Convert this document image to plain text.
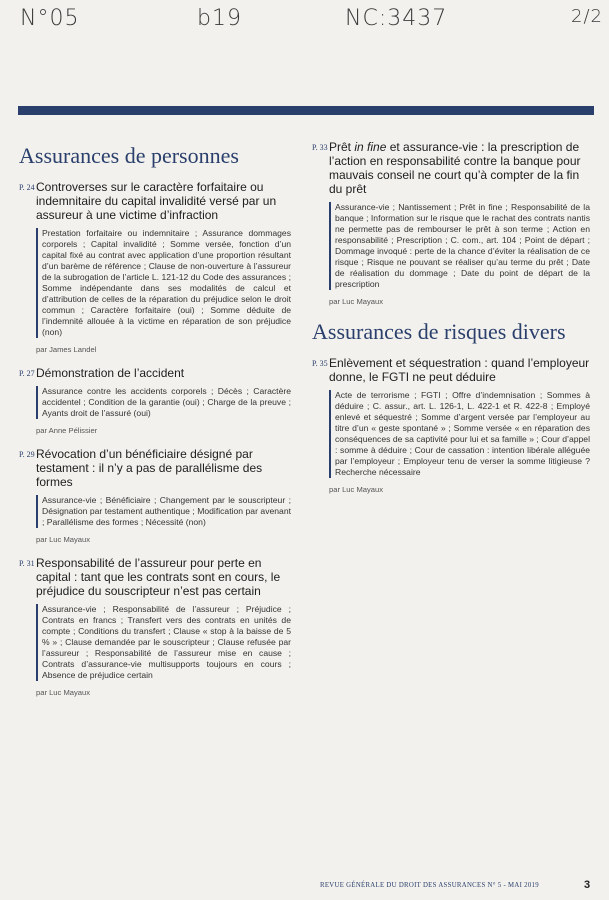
N°05	b19	NC:3437	2/2
Assurances de personnes
P. 24 Controverses sur le caractère forfaitaire ou indemnitaire du capital invalidité versé par un assureur à une victime d’infraction
Prestation forfaitaire ou indemnitaire ; Assurance dommages corporels ; Capital invalidité ; Somme versée, fonction d’un capital fixé au contrat avec application d’une proportion résultant d’un barème de référence ; Clause de non-ouverture à l’assureur de la subrogation de l’article L. 121-12 du Code des assurances ; Somme indépendante dans ses modalités de calcul et d’attribution de celles de la réparation du préjudice selon le droit commun ; Caractère forfaitaire (oui) ; Somme déduite de l’indemnité allouée à la victime en réparation de son préjudice (non)
par James Landel
P. 27 Démonstration de l’accident
Assurance contre les accidents corporels ; Décès ; Caractère accidentel ; Condition de la garantie (oui) ; Charge de la preuve ; Ayants droit de l’assuré (oui)
par Anne Pélissier
P. 29 Révocation d’un bénéficiaire désigné par testament : il n’y a pas de parallélisme des formes
Assurance-vie ; Bénéficiaire ; Changement par le souscripteur ; Désignation par testament authentique ; Modification par avenant ; Parallélisme des formes ; Nécessité (non)
par Luc Mayaux
P. 31 Responsabilité de l’assureur pour perte en capital : tant que les contrats sont en cours, le préjudice du souscripteur n’est pas certain
Assurance-vie ; Responsabilité de l’assureur ; Préjudice ; Contrats en francs ; Transfert vers des contrats en unités de compte ; Conditions du transfert ; Clause « stop à la baisse de 5 % » ; Clause demandée par le souscripteur ; Clause refusée par l’assureur ; Responsabilité de l’assureur mise en cause ; Contrats d’assurance-vie multisupports toujours en cours ; Absence de préjudice certain
par Luc Mayaux
P. 33 Prêt in fine et assurance-vie : la prescription de l’action en responsabilité contre la banque pour mauvais conseil ne court qu’à compter de la fin du prêt
Assurance-vie ; Nantissement ; Prêt in fine ; Responsabilité de la banque ; Information sur le risque que le rachat des contrats nantis ne permette pas de rembourser le prêt à son terme ; Action en responsabilité ; Prescription ; C. com., art. 104 ; Point de départ ; Dommage invoqué : perte de la chance d’éviter la réalisation de ce risque ; Risque ne pouvant se réaliser qu’au terme du prêt ; Date de réalisation du dommage ; Date du point de départ de la prescription
par Luc Mayaux
Assurances de risques divers
P. 35 Enlèvement et séquestration : quand l’employeur donne, le FGTI ne peut déduire
Acte de terrorisme ; FGTI ; Offre d’indemnisation ; Sommes à déduire ; C. assur., art. L. 126-1, L. 422-1 et R. 422-8 ; Employé enlevé et séquestré ; Somme d’argent versée par l’employeur au titre d’un « geste spontané » ; Somme versée « en réparation des conséquences de sa captivité pour lui et sa famille » ; Cour d’appel : somme à déduire ; Cour de cassation : intention libérale alléguée par l’employeur ; Employeur tenu de verser la somme litigieuse ? Recherche nécessaire
par Luc Mayaux
REVUE GÉNÉRALE DU DROIT DES ASSURANCES N° 5 - MAI 2019	3
